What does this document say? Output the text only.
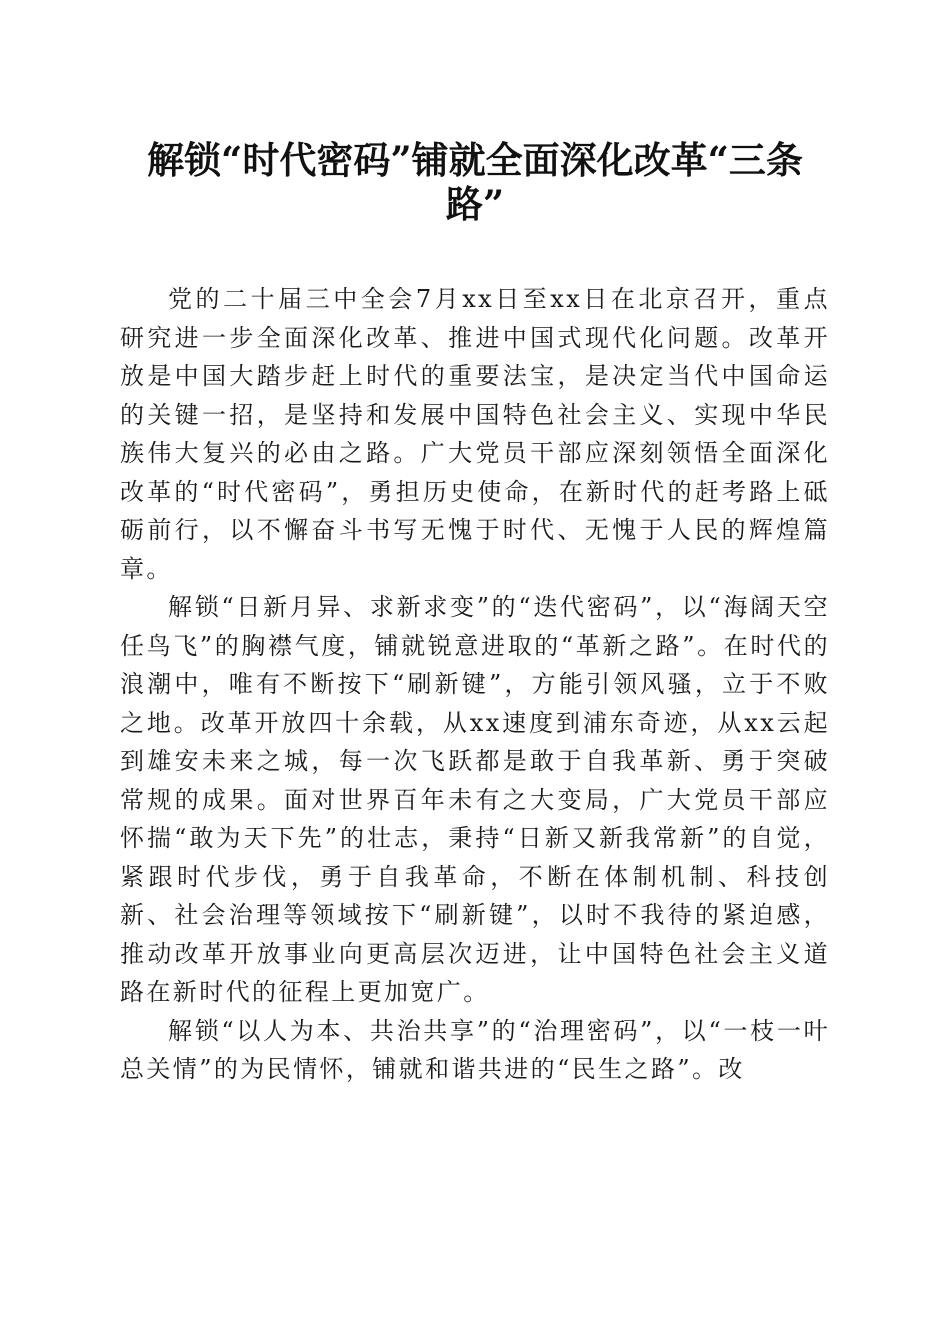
解锁“时代密码”铺就全面深化改革“三条路”

党的二十届三中全会7月xx日至xx日在北京召开，重点研究进一步全面深化改革、推进中国式现代化问题。改革开放是中国大踏步赶上时代的重要法宝，是决定当代中国命运的关键一招，是坚持和发展中国特色社会主义、实现中华民族伟大复兴的必由之路。广大党员干部应深刻领悟全面深化改革的“时代密码”，勇担历史使命，在新时代的赶考路上砥砺前行，以不懈奋斗书写无愧于时代、无愧于人民的辉煌篇章。

解锁“日新月异、求新求变”的“迭代密码”，以“海阔天空任鸟飞”的胸襟气度，铺就锐意进取的“革新之路”。在时代的浪潮中，唯有不断按下“刷新键”，方能引领风骚，立于不败之地。改革开放四十余载，从xx速度到浦东奇迹，从xx云起到雄安未来之城，每一次飞跃都是敢于自我革新、勇于突破常规的成果。面对世界百年未有之大变局，广大党员干部应怀揣“敢为天下先”的壮志，秉持“日新又新我常新”的自觉，紧跟时代步伐，勇于自我革命，不断在体制机制、科技创新、社会治理等领域按下“刷新键”，以时不我待的紧迫感，推动改革开放事业向更高层次迈进，让中国特色社会主义道路在新时代的征程上更加宽广。

解锁“以人为本、共治共享”的“治理密码”，以“一枝一叶总关情”的为民情怀，铺就和谐共进的“民生之路”。改
